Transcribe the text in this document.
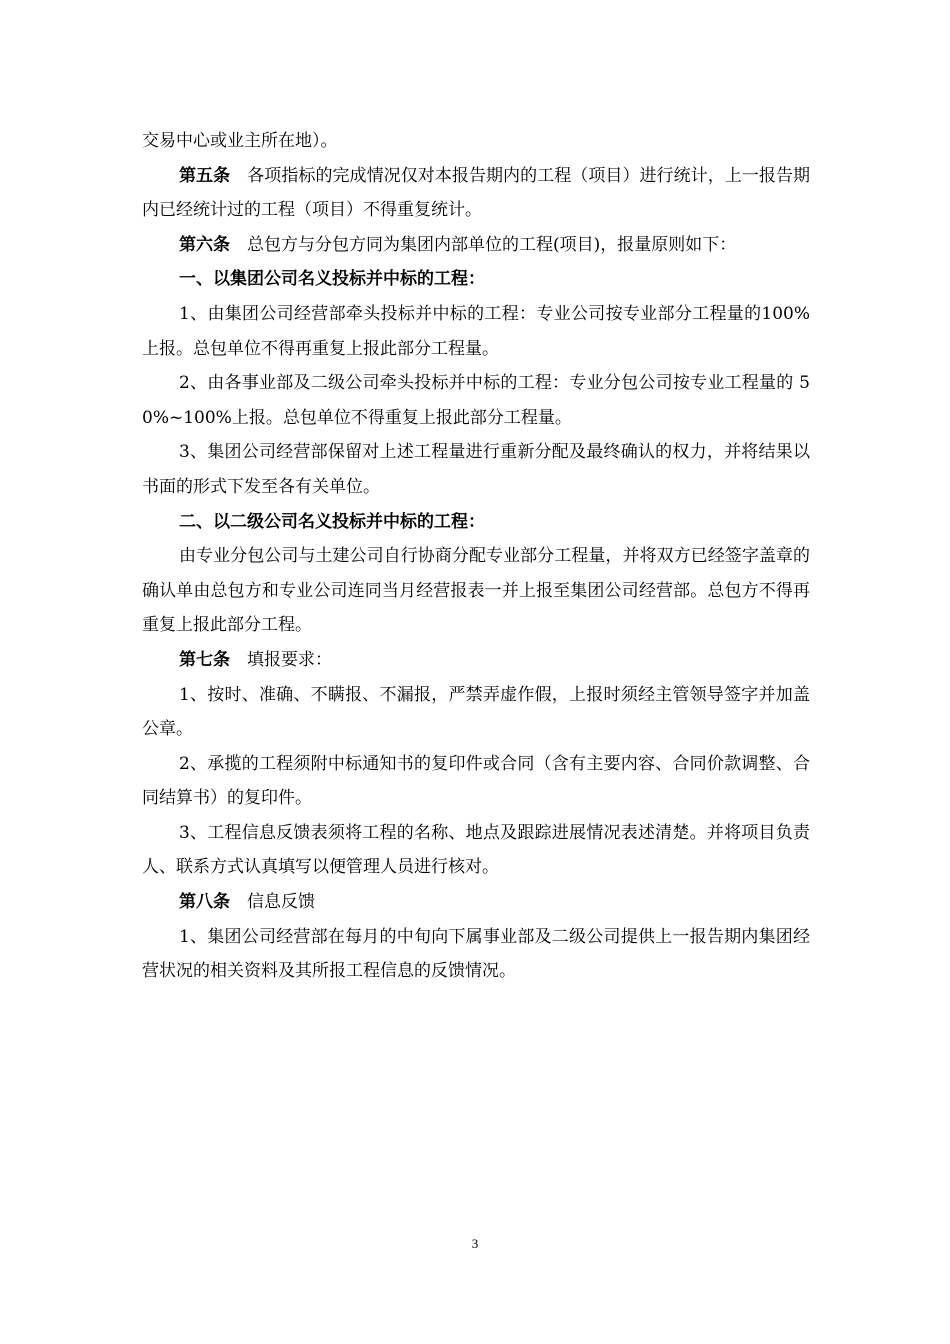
交易中心或业主所在地）。

第五条 各项指标的完成情况仅对本报告期内的工程（项目）进行统计，上一报告期内已经统计过的工程（项目）不得重复统计。

第六条 总包方与分包方同为集团内部单位的工程(项目)，报量原则如下：

一、以集团公司名义投标并中标的工程：

1、由集团公司经营部牵头投标并中标的工程：专业公司按专业部分工程量的100%上报。总包单位不得再重复上报此部分工程量。

2、由各事业部及二级公司牵头投标并中标的工程：专业分包公司按专业工程量的 50%~100%上报。总包单位不得重复上报此部分工程量。

3、集团公司经营部保留对上述工程量进行重新分配及最终确认的权力，并将结果以书面的形式下发至各有关单位。

二、以二级公司名义投标并中标的工程：

由专业分包公司与土建公司自行协商分配专业部分工程量，并将双方已经签字盖章的确认单由总包方和专业公司连同当月经营报表一并上报至集团公司经营部。总包方不得再重复上报此部分工程。

第七条 填报要求：

1、按时、准确、不瞒报、不漏报，严禁弄虚作假，上报时须经主管领导签字并加盖公章。

2、承揽的工程须附中标通知书的复印件或合同（含有主要内容、合同价款调整、合同结算书）的复印件。

3、工程信息反馈表须将工程的名称、地点及跟踪进展情况表述清楚。并将项目负责人、联系方式认真填写以便管理人员进行核对。

第八条 信息反馈

1、集团公司经营部在每月的中旬向下属事业部及二级公司提供上一报告期内集团经营状况的相关资料及其所报工程信息的反馈情况。

3
